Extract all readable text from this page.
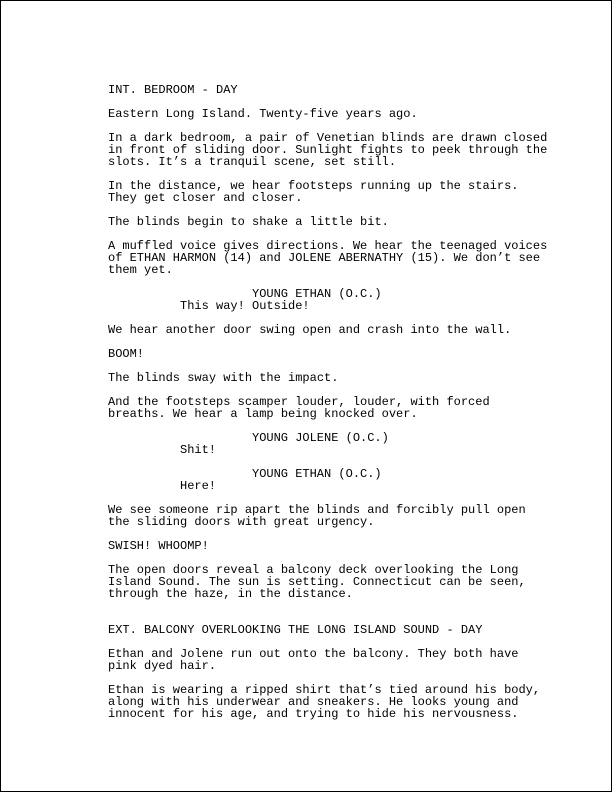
INT. BEDROOM - DAY
Eastern Long Island. Twenty-five years ago.
In a dark bedroom, a pair of Venetian blinds are drawn closed
in front of sliding door. Sunlight fights to peek through the
slots. It’s a tranquil scene, set still.
In the distance, we hear footsteps running up the stairs.
They get closer and closer.
The blinds begin to shake a little bit.
A muffled voice gives directions. We hear the teenaged voices
of ETHAN HARMON (14) and JOLENE ABERNATHY (15). We don’t see
them yet.
YOUNG ETHAN (O.C.)
This way! Outside!
We hear another door swing open and crash into the wall.
BOOM!
The blinds sway with the impact.
And the footsteps scamper louder, louder, with forced
breaths. We hear a lamp being knocked over.
YOUNG JOLENE (O.C.)
Shit!
YOUNG ETHAN (O.C.)
Here!
We see someone rip apart the blinds and forcibly pull open
the sliding doors with great urgency.
SWISH! WHOOMP!
The open doors reveal a balcony deck overlooking the Long
Island Sound. The sun is setting. Connecticut can be seen,
through the haze, in the distance.
EXT. BALCONY OVERLOOKING THE LONG ISLAND SOUND - DAY
Ethan and Jolene run out onto the balcony. They both have
pink dyed hair.
Ethan is wearing a ripped shirt that’s tied around his body,
along with his underwear and sneakers. He looks young and
innocent for his age, and trying to hide his nervousness.
